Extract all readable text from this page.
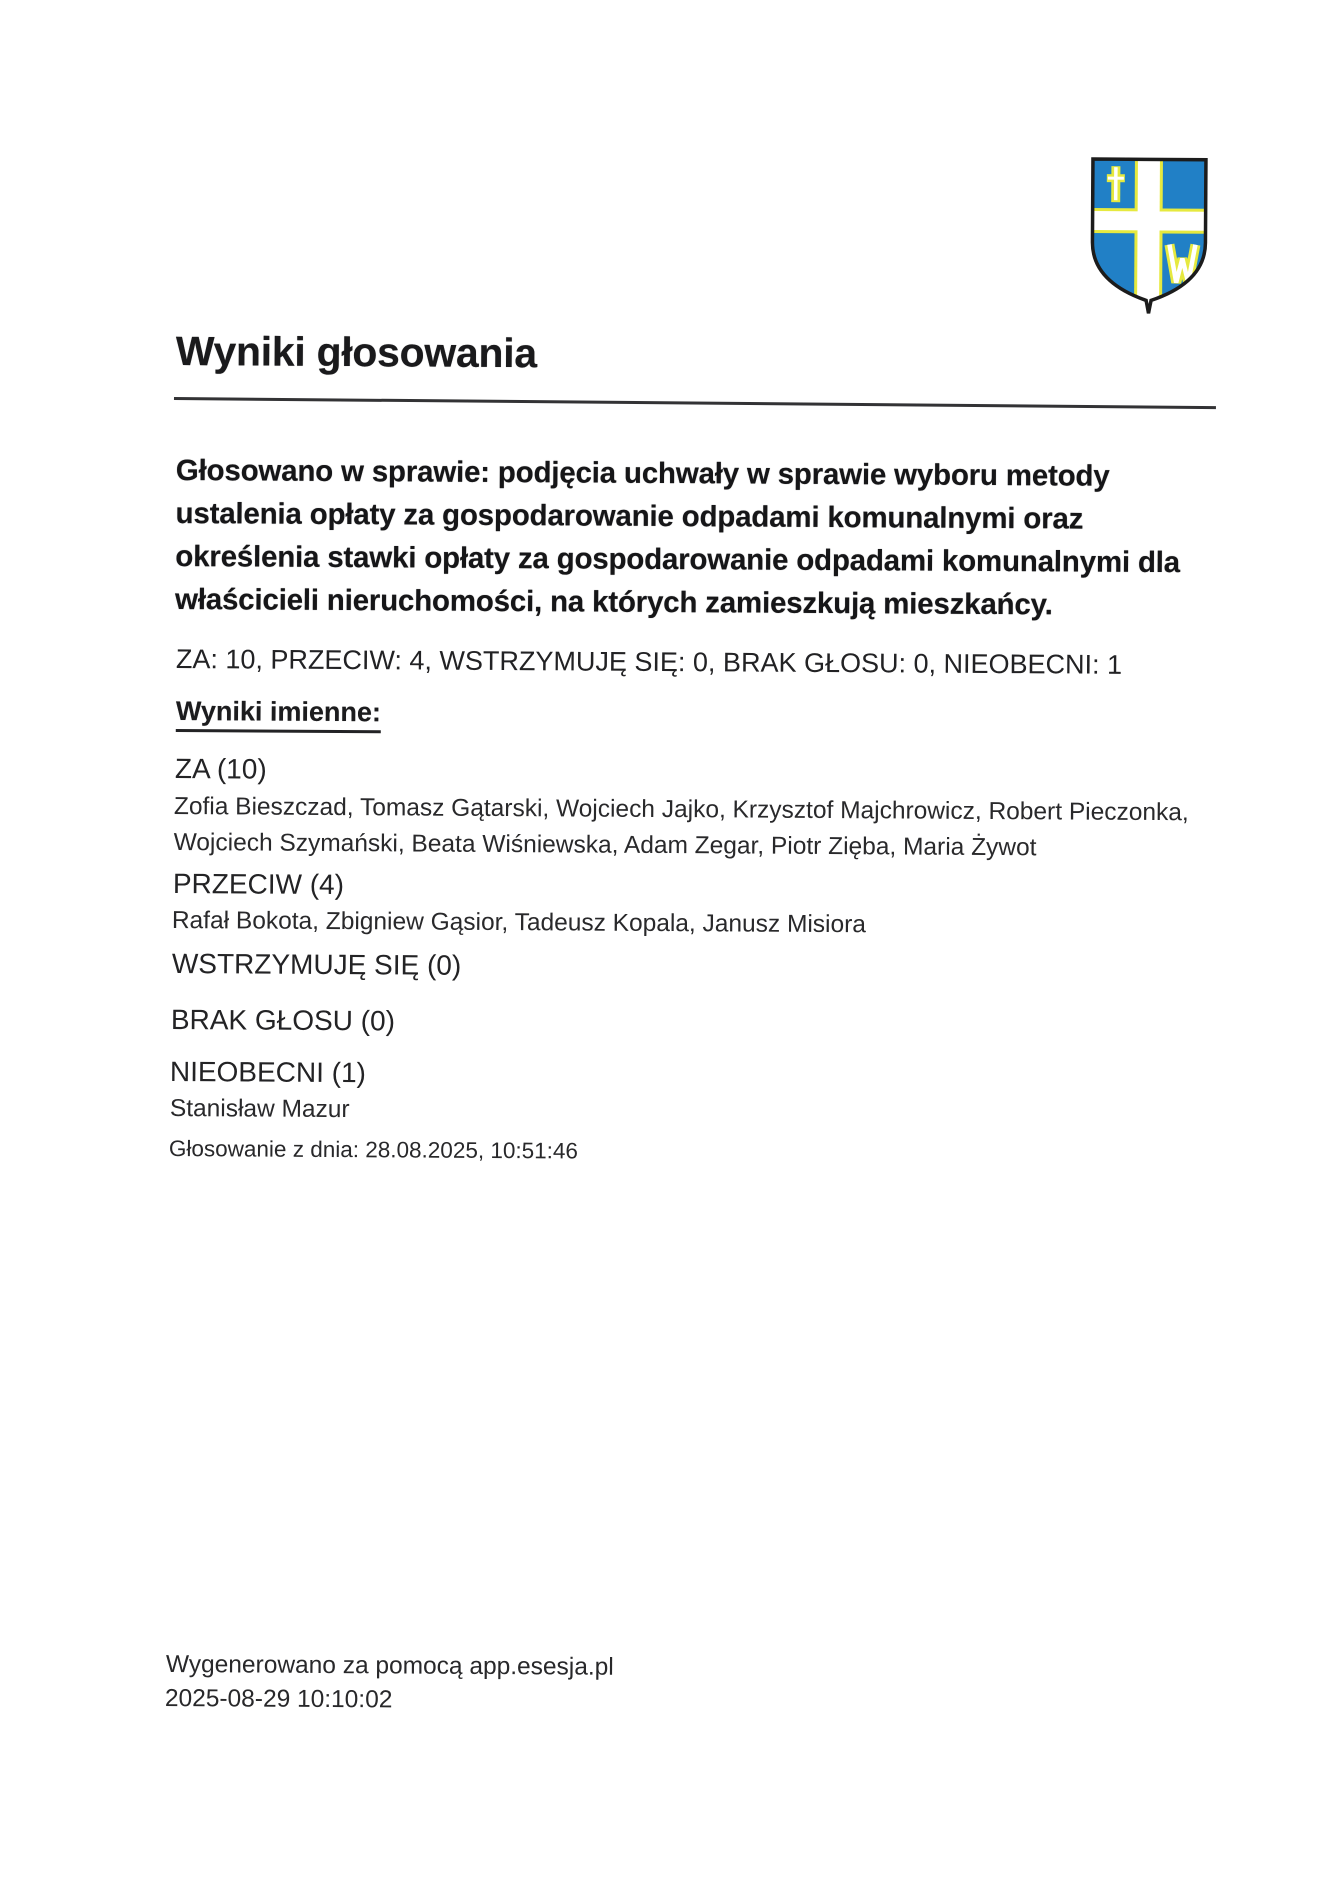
Wyniki głosowania
Głosowano w sprawie: podjęcia uchwały w sprawie wyboru metody ustalenia opłaty za gospodarowanie odpadami komunalnymi oraz określenia stawki opłaty za gospodarowanie odpadami komunalnymi dla właścicieli nieruchomości, na których zamieszkują mieszkańcy.
ZA: 10, PRZECIW: 4, WSTRZYMUJĘ SIĘ: 0, BRAK GŁOSU: 0, NIEOBECNI: 1
Wyniki imienne:
ZA (10)
Zofia Bieszczad, Tomasz Gątarski, Wojciech Jajko, Krzysztof Majchrowicz, Robert Pieczonka, Wojciech Szymański, Beata Wiśniewska, Adam Zegar, Piotr Zięba, Maria Żywot
PRZECIW (4)
Rafał Bokota, Zbigniew Gąsior, Tadeusz Kopala, Janusz Misiora
WSTRZYMUJĘ SIĘ (0)
BRAK GŁOSU (0)
NIEOBECNI (1)
Stanisław Mazur
Głosowanie z dnia: 28.08.2025, 10:51:46
Wygenerowano za pomocą app.esesja.pl
2025-08-29 10:10:02
